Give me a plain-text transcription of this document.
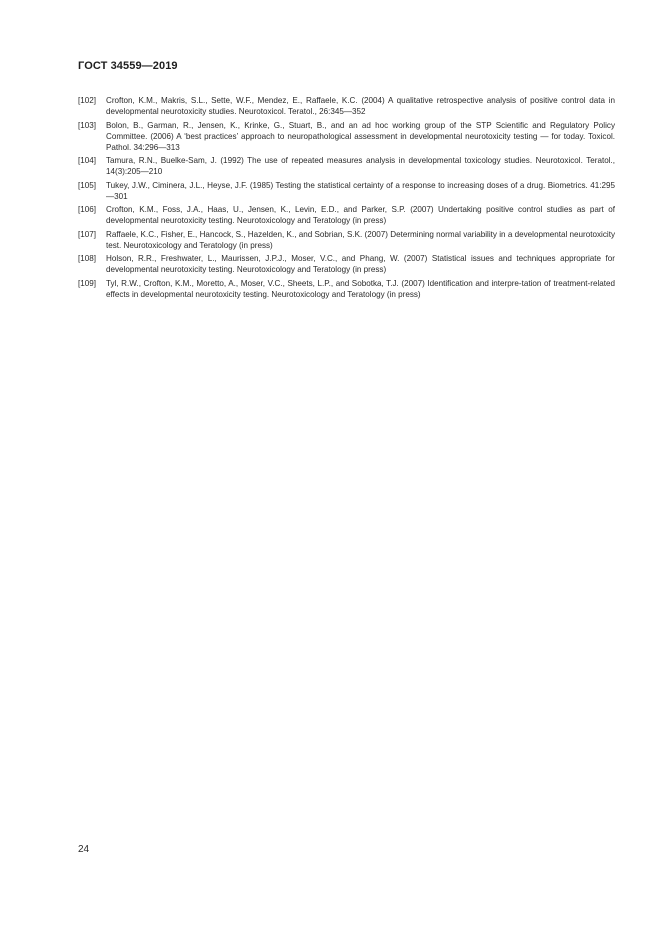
ГОСТ 34559—2019
[102]	Crofton, K.M., Makris, S.L., Sette, W.F., Mendez, E., Raffaele, K.C. (2004) A qualitative retrospective analysis of positive control data in developmental neurotoxicity studies. Neurotoxicol. Teratol., 26:345—352
[103]	Bolon, B., Garman, R., Jensen, K., Krinke, G., Stuart, B., and an ad hoc working group of the STP Scientific and Regulatory Policy Committee. (2006) A ‘best practices’ approach to neuropathological assessment in developmental neurotoxicity testing — for today. Toxicol. Pathol. 34:296—313
[104]	Tamura, R.N., Buelke-Sam, J. (1992) The use of repeated measures analysis in developmental toxicology studies. Neurotoxicol. Teratol., 14(3):205—210
[105]	Tukey, J.W., Ciminera, J.L., Heyse, J.F. (1985) Testing the statistical certainty of a response to increasing doses of a drug. Biometrics. 41:295—301
[106]	Crofton, K.M., Foss, J.A., Haas, U., Jensen, K., Levin, E.D., and Parker, S.P. (2007) Undertaking positive control studies as part of developmental neurotoxicity testing. Neurotoxicology and Teratology (in press)
[107]	Raffaele, K.C., Fisher, E., Hancock, S., Hazelden, K., and Sobrian, S.K. (2007) Determining normal variability in a developmental neurotoxicity test. Neurotoxicology and Teratology (in press)
[108]	Holson, R.R., Freshwater, L., Maurissen, J.P.J., Moser, V.C., and Phang, W. (2007) Statistical issues and techniques appropriate for developmental neurotoxicity testing. Neurotoxicology and Teratology (in press)
[109]	Tyl, R.W., Crofton, K.M., Moretto, A., Moser, V.C., Sheets, L.P., and Sobotka, T.J. (2007) Identification and interpre-tation of treatment-related effects in developmental neurotoxicity testing. Neurotoxicology and Teratology (in press)
24
